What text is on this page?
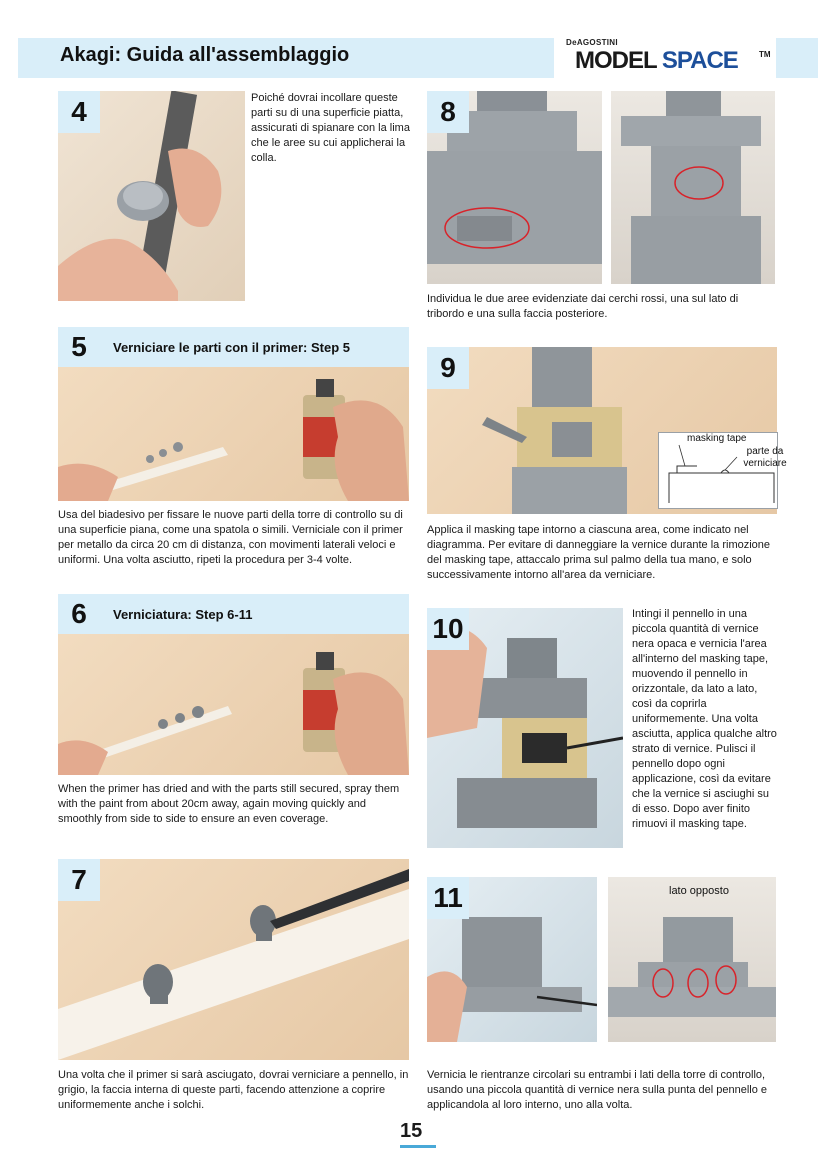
Akagi: Guida all'assemblaggio
DeAGOSTINI
MODEL SPACE	TM
4	Poiché dovrai incollare queste parti su di una superficie piatta, assicurati di spianare con la lima che le aree su cui applicherai la colla.
5	Verniciare le parti con il primer: Step 5
Usa del biadesivo per fissare le nuove parti della torre di controllo su di una superficie piana, come una spatola o simili. Verniciale con il primer per metallo da circa 20 cm di distanza, con movimenti laterali veloci e uniformi. Una volta asciutto, ripeti la procedura per 3-4 volte.
6	Verniciatura: Step 6-11
When the primer has dried and with the parts still secured, spray them with the paint from about 20cm away, again moving quickly and smoothly from side to side to ensure an even coverage.
7
Una volta che il primer si sarà asciugato, dovrai verniciare a pennello, in grigio, la faccia interna di queste parti, facendo attenzione a coprire uniformemente anche i solchi.
8
Individua le due aree evidenziate dai cerchi rossi, una sul lato di tribordo e una sulla faccia posteriore.
9
masking tape
parte da verniciare
Applica il masking tape intorno a ciascuna area, come indicato nel diagramma. Per evitare di danneggiare la vernice durante la rimozione del masking tape, attaccalo prima sul palmo della tua mano, e solo successivamente intorno all'area da verniciare.
10	Intingi il pennello in una piccola quantità di vernice nera opaca e vernicia l'area all'interno del masking tape, muovendo il pennello in orizzontale, da lato a lato, così da coprirla uniformemente. Una volta asciutta, applica qualche altro strato di vernice. Pulisci il pennello dopo ogni applicazione, così da evitare che la vernice si asciughi su di esso. Dopo aver finito rimuovi il masking tape.
11	lato opposto
Vernicia le rientranze circolari su entrambi i lati della torre di controllo, usando una piccola quantità di vernice nera sulla punta del pennello e applicandola al loro interno, uno alla volta.
15
